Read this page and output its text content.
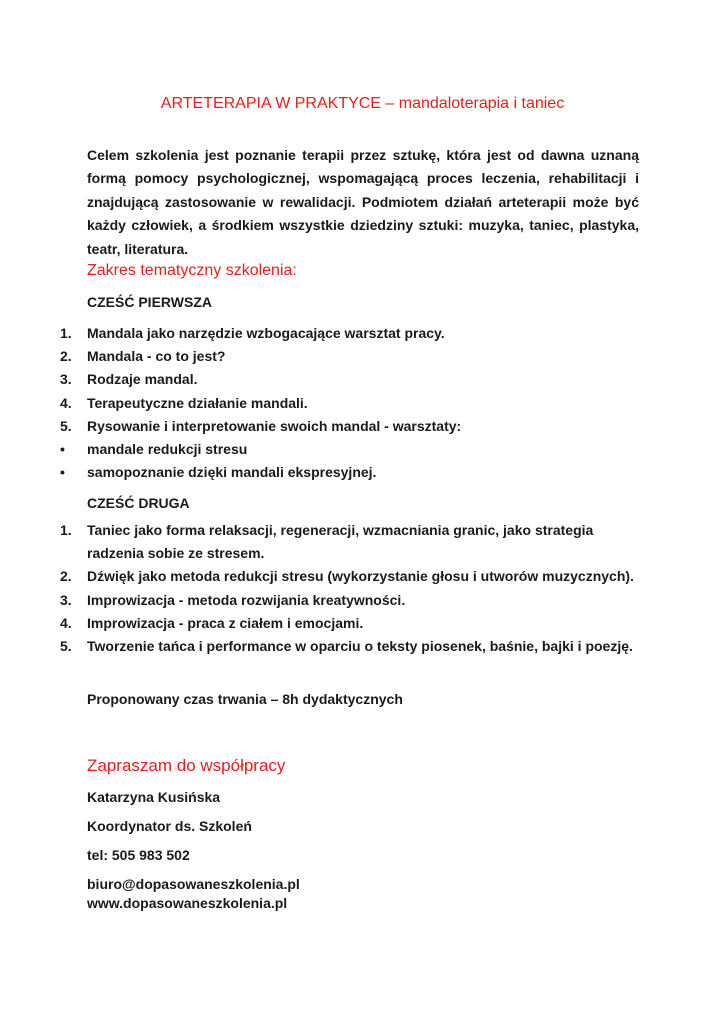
ARTETERAPIA W PRAKTYCE – mandaloterapia i taniec
Celem szkolenia jest poznanie terapii przez sztukę, która jest od dawna uznaną formą pomocy psychologicznej, wspomagającą proces leczenia, rehabilitacji i znajdującą zastosowanie w rewalidacji. Podmiotem działań arteterapii może być każdy człowiek, a środkiem wszystkie dziedziny sztuki: muzyka, taniec, plastyka, teatr, literatura.
Zakres tematyczny szkolenia:
CZEŚĆ PIERWSZA
1.	Mandala jako narzędzie wzbogacające warsztat pracy.
2.	Mandala - co to jest?
3.	Rodzaje mandal.
4.	Terapeutyczne działanie mandali.
5.	Rysowanie i interpretowanie swoich mandal - warsztaty:
•	mandale redukcji stresu
•	samopoznanie dzięki mandali ekspresyjnej.
CZEŚĆ DRUGA
1.	Taniec jako forma relaksacji, regeneracji, wzmacniania granic, jako strategia radzenia sobie ze stresem.
2.	Dźwięk jako metoda redukcji stresu (wykorzystanie głosu i utworów muzycznych).
3.	Improwizacja - metoda rozwijania kreatywności.
4.	Improwizacja - praca z ciałem i emocjami.
5.	Tworzenie tańca i performance w oparciu o teksty piosenek, baśnie, bajki i poezję.
Proponowany czas trwania – 8h dydaktycznych
Zapraszam do współpracy
Katarzyna Kusińska
Koordynator ds. Szkoleń
tel: 505 983 502
biuro@dopasowaneszkolenia.pl
www.dopasowaneszkolenia.pl
